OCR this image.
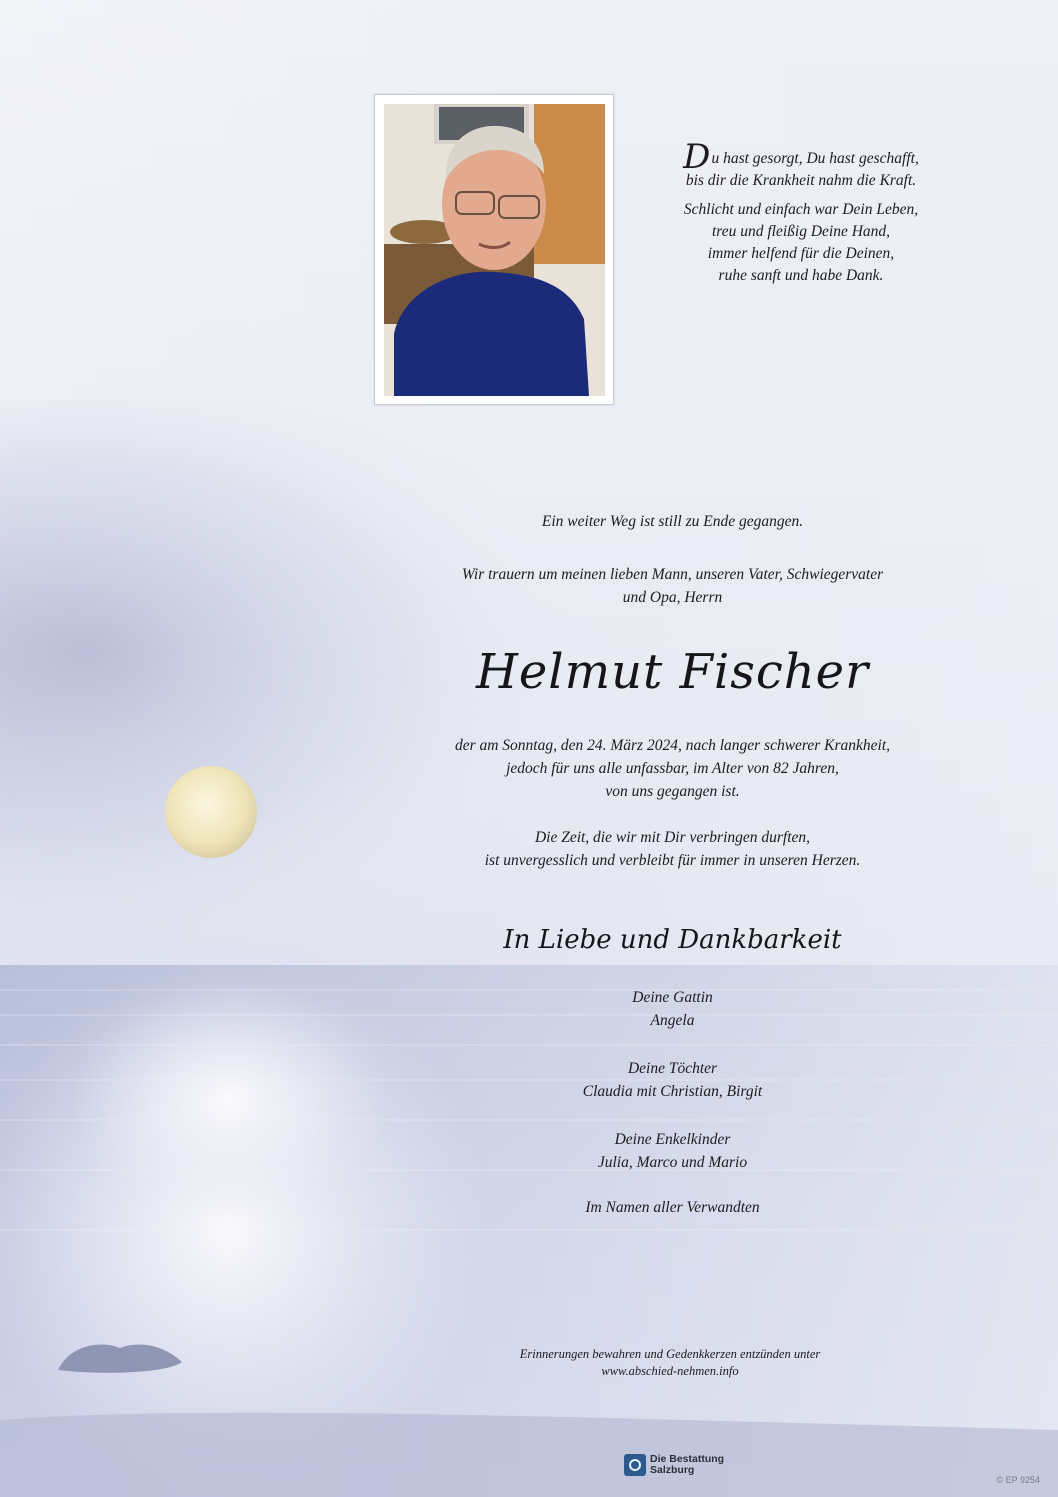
Du hast gesorgt, Du hast geschafft,
bis dir die Krankheit nahm die Kraft.

Schlicht und einfach war Dein Leben,
treu und fleißig Deine Hand,
immer helfend für die Deinen,
ruhe sanft und habe Dank.

Ein weiter Weg ist still zu Ende gegangen.

Wir trauern um meinen lieben Mann, unseren Vater, Schwiegervater

und Opa, Herrn

Helmut Fischer

der am Sonntag, den 24. März 2024, nach langer schwerer Krankheit,

jedoch für uns alle unfassbar, im Alter von 82 Jahren,

von uns gegangen ist.

Die Zeit, die wir mit Dir verbringen durften,

ist unvergesslich und verbleibt für immer in unseren Herzen.

In Liebe und Dankbarkeit

Deine Gattin

Angela

Deine Töchter

Claudia mit Christian, Birgit

Deine Enkelkinder

Julia, Marco und Mario

Im Namen aller Verwandten

Erinnerungen bewahren und Gedenkkerzen entzünden unter

www.abschied-nehmen.info

Die Bestattung
Salzburg
© EP 9254
